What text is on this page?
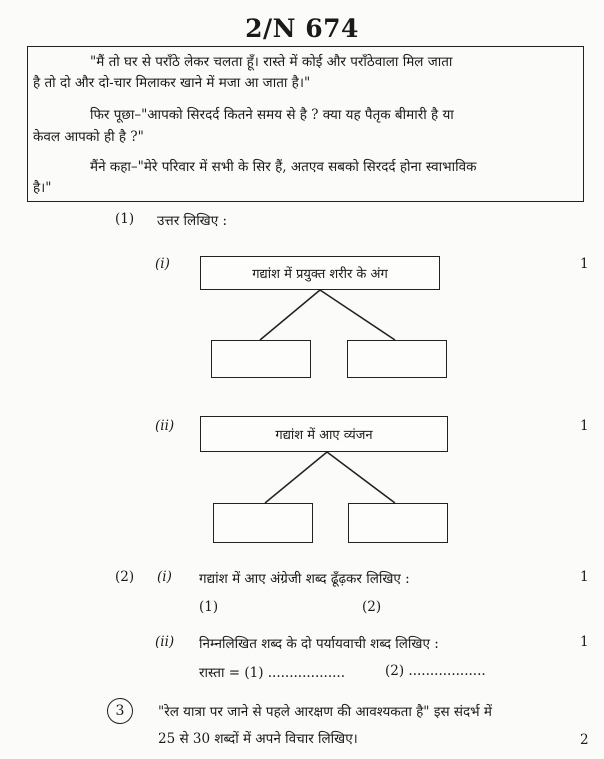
2/N 674
"मैं तो घर से पराँठे लेकर चलता हूँ। रास्ते में कोई और पराँठेवाला मिल जाता
है तो दो और दो-चार मिलाकर खाने में मजा आ जाता है।"
फिर पूछा–"आपको सिरदर्द कितने समय से है ? क्या यह पैतृक बीमारी है या
केवल आपको ही है ?"
मैंने कहा–"मेरे परिवार में सभी के सिर हैं, अतएव सबको सिरदर्द होना स्वाभाविक
है।"
(1) उत्तर लिखिए :
(i)	1
गद्यांश में प्रयुक्त शरीर के अंग
(ii)	1
गद्यांश में आए व्यंजन
(2) (i) गद्यांश में आए अंग्रेजी शब्द ढूँढ़कर लिखिए :	1
(1)	(2)
(ii) निम्नलिखित शब्द के दो पर्यायवाची शब्द लिखिए :	1
रास्ता = (1) ..................	(2) ..................
3 "रेल यात्रा पर जाने से पहले आरक्षण की आवश्यकता है" इस संदर्भ में
25 से 30 शब्दों में अपने विचार लिखिए।	2
